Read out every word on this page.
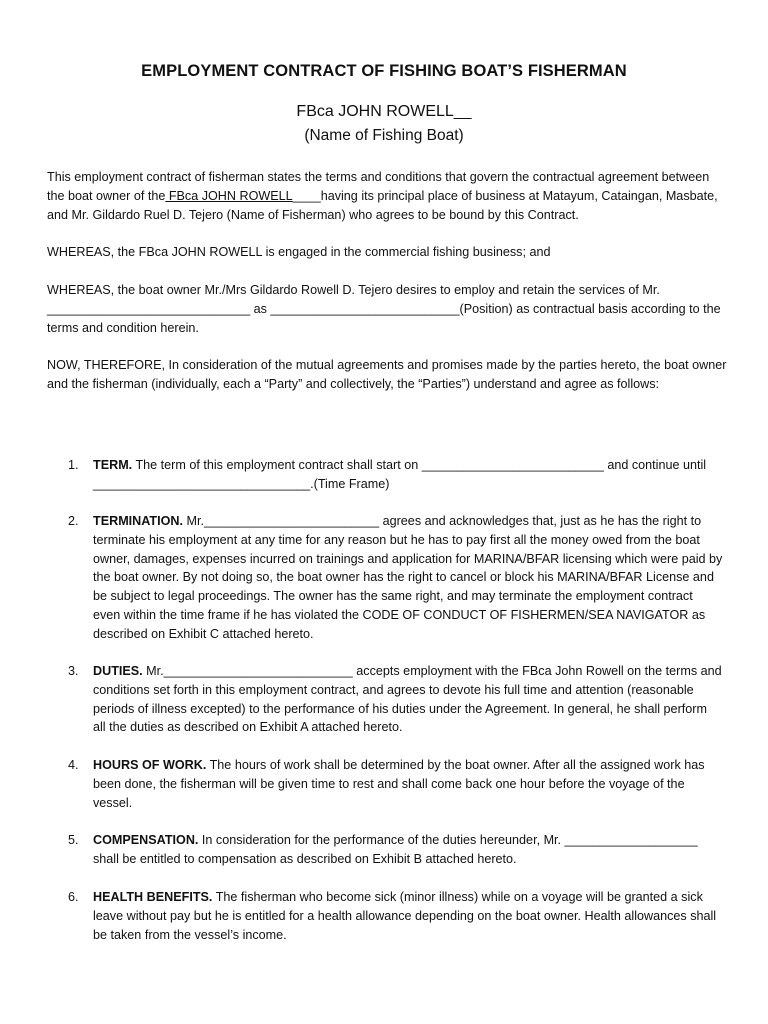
EMPLOYMENT CONTRACT OF FISHING BOAT’S FISHERMAN
FBca JOHN ROWELL__
(Name of Fishing Boat)
This employment contract of fisherman states the terms and conditions that govern the contractual agreement between the boat owner of the FBca JOHN ROWELL____having its principal place of business at Matayum, Cataingan, Masbate, and Mr. Gildardo Ruel D. Tejero (Name of Fisherman) who agrees to be bound by this Contract.
WHEREAS, the FBca JOHN ROWELL is engaged in the commercial fishing business; and
WHEREAS, the boat owner Mr./Mrs Gildardo Rowell D. Tejero desires to employ and retain the services of Mr. _____________________________ as ___________________________(Position) as contractual basis according to the terms and condition herein.
NOW, THEREFORE, In consideration of the mutual agreements and promises made by the parties hereto, the boat owner and the fisherman (individually, each a “Party” and collectively, the “Parties”) understand and agree as follows:
1. TERM. The term of this employment contract shall start on __________________________ and continue until _______________________________.(Time Frame)
2. TERMINATION. Mr._________________________ agrees and acknowledges that, just as he has the right to terminate his employment at any time for any reason but he has to pay first all the money owed from the boat owner, damages, expenses incurred on trainings and application for MARINA/BFAR licensing which were paid by the boat owner. By not doing so, the boat owner has the right to cancel or block his MARINA/BFAR License and be subject to legal proceedings. The owner has the same right, and may terminate the employment contract even within the time frame if he has violated the CODE OF CONDUCT OF FISHERMEN/SEA NAVIGATOR as described on Exhibit C attached hereto.
3. DUTIES. Mr.___________________________ accepts employment with the FBca John Rowell on the terms and conditions set forth in this employment contract, and agrees to devote his full time and attention (reasonable periods of illness excepted) to the performance of his duties under the Agreement. In general, he shall perform all the duties as described on Exhibit A attached hereto.
4. HOURS OF WORK. The hours of work shall be determined by the boat owner. After all the assigned work has been done, the fisherman will be given time to rest and shall come back one hour before the voyage of the vessel.
5. COMPENSATION. In consideration for the performance of the duties hereunder, Mr. ___________________ shall be entitled to compensation as described on Exhibit B attached hereto.
6. HEALTH BENEFITS. The fisherman who become sick (minor illness) while on a voyage will be granted a sick leave without pay but he is entitled for a health allowance depending on the boat owner. Health allowances shall be taken from the vessel’s income.
